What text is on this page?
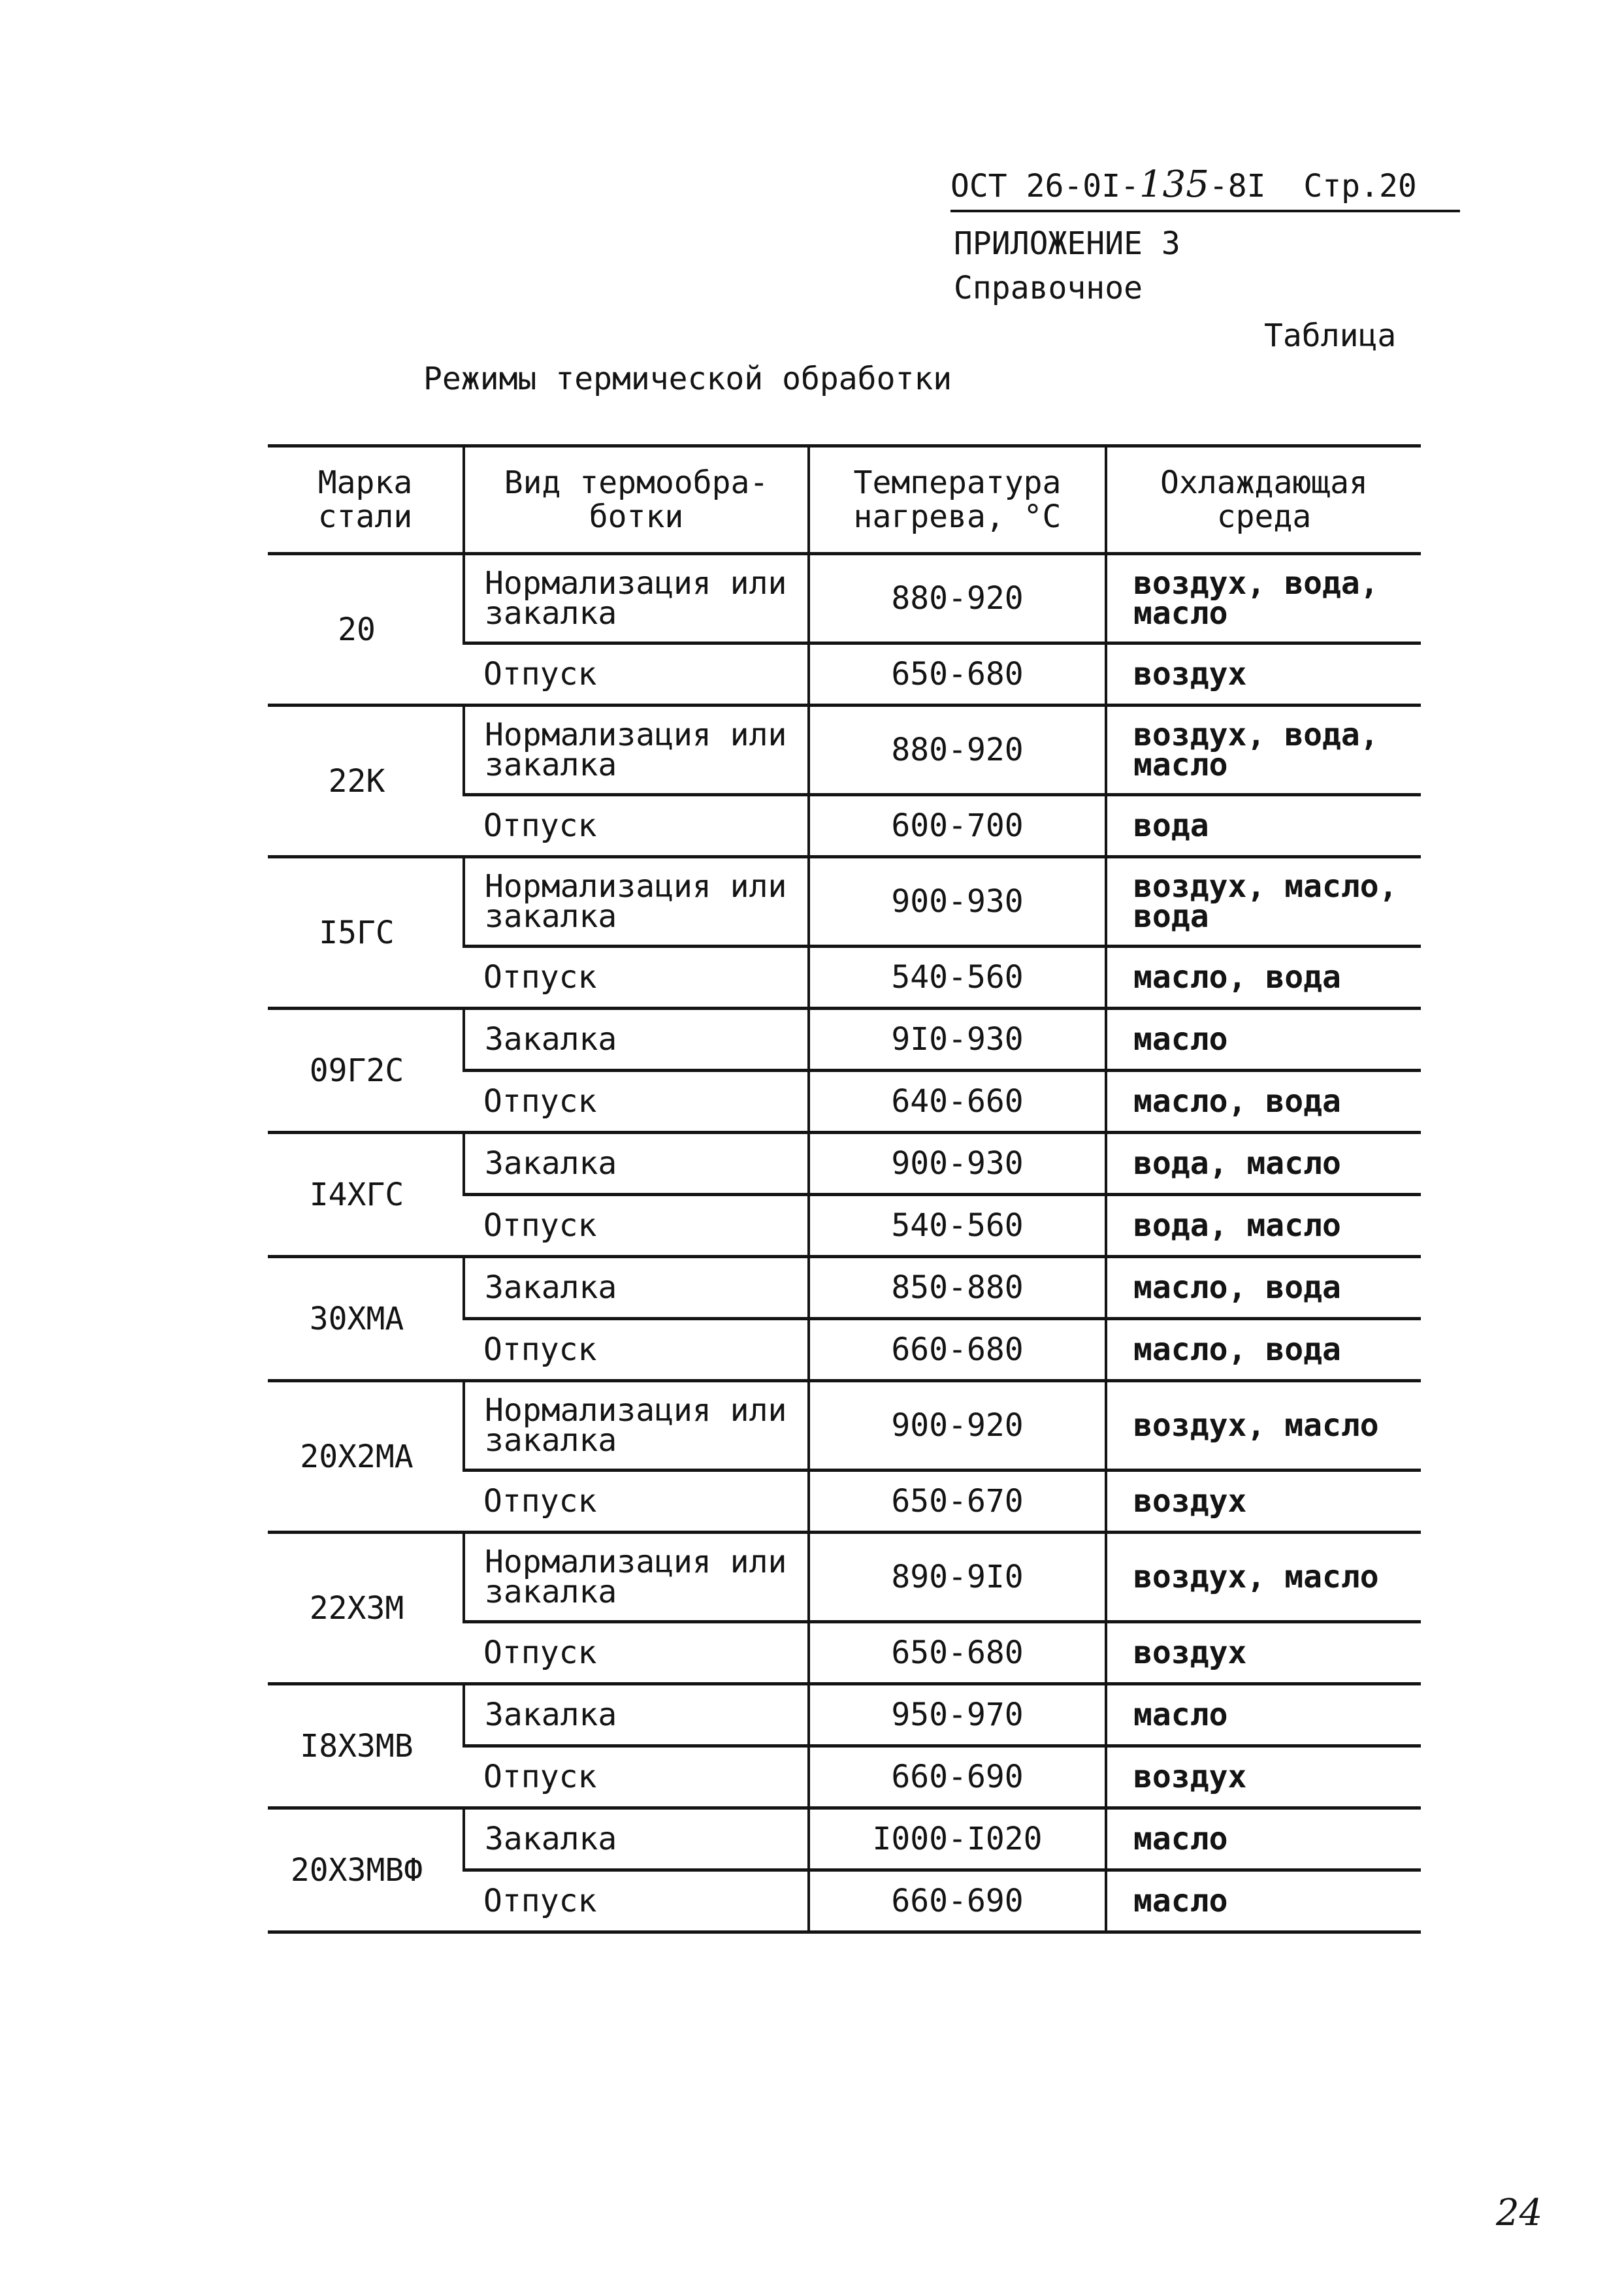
ОСТ 26-0I-135-8I Стр.20
ПРИЛОЖЕНИЕ 3
Справочное
Таблица
Режимы термической обработки
Марка стали	Вид термообра- ботки	Температура нагрева, °С	Охлаждающая среда
20	Нормализация или закалка	880-920	воздух, вода, масло
	Отпуск	650-680	воздух
22К	Нормализация или закалка	880-920	воздух, вода, масло
	Отпуск	600-700	вода
I5ГС	Нормализация или закалка	900-930	воздух, масло, вода
	Отпуск	540-560	масло, вода
09Г2С	Закалка	9I0-930	масло
	Отпуск	640-660	масло, вода
I4ХГС	Закалка	900-930	вода, масло
	Отпуск	540-560	вода, масло
30ХМА	Закалка	850-880	масло, вода
	Отпуск	660-680	масло, вода
20Х2МА	Нормализация или закалка	900-920	воздух, масло
	Отпуск	650-670	воздух
22Х3М	Нормализация или закалка	890-9I0	воздух, масло
	Отпуск	650-680	воздух
I8Х3МВ	Закалка	950-970	масло
	Отпуск	660-690	воздух
20Х3МВФ	Закалка	I000-I020	масло
	Отпуск	660-690	масло
24
